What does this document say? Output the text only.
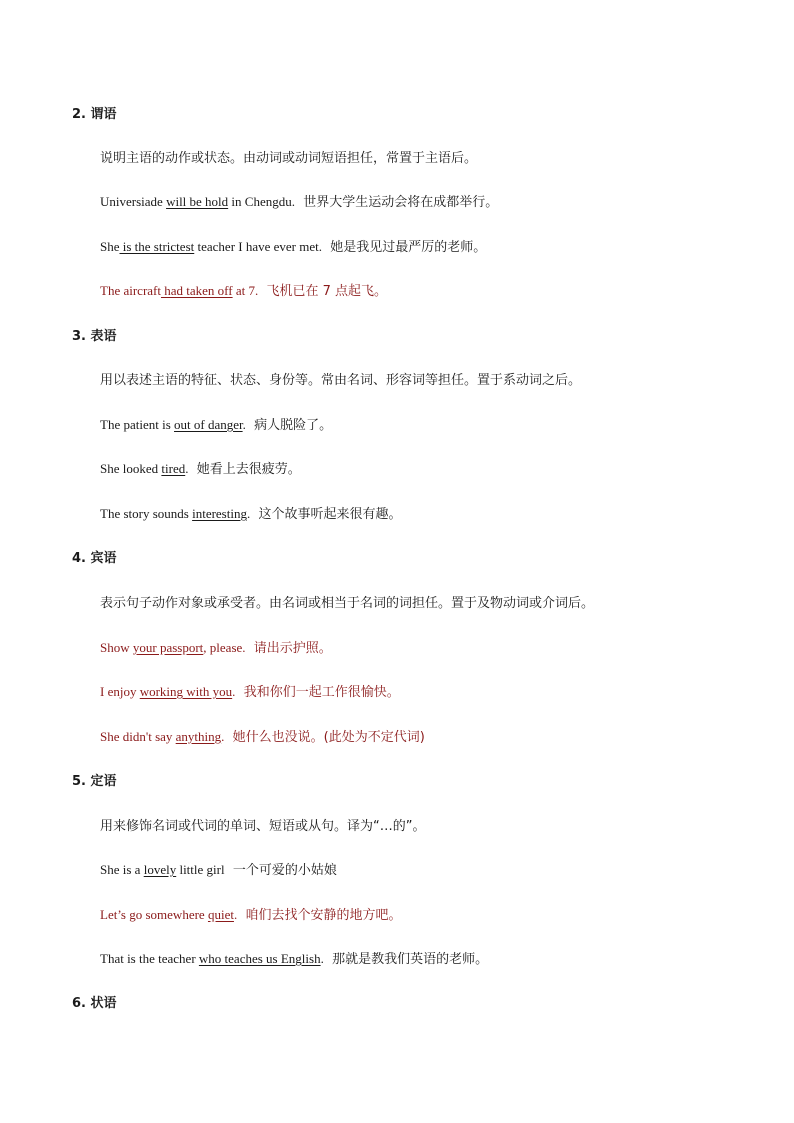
2. 谓语
说明主语的动作或状态。由动词或动词短语担任，常置于主语后。
Universiade will be hold in Chengdu. 世界大学生运动会将在成都举行。
She is the strictest teacher I have ever met. 她是我见过最严厉的老师。
The aircraft had taken off at 7. 飞机已在 7 点起飞。
3. 表语
用以表述主语的特征、状态、身份等。常由名词、形容词等担任。置于系动词之后。
The patient is out of danger. 病人脱险了。
She looked tired. 她看上去很疲劳。
The story sounds interesting. 这个故事听起来很有趣。
4. 宾语
表示句子动作对象或承受者。由名词或相当于名词的词担任。置于及物动词或介词后。
Show your passport, please. 请出示护照。
I enjoy working with you. 我和你们一起工作很愉快。
She didn't say anything. 她什么也没说。(此处为不定代词)
5. 定语
用来修饰名词或代词的单词、短语或从句。译为“…的”。
She is a lovely little girl 一个可爱的小姑娘
Let’s go somewhere quiet. 咱们去找个安静的地方吧。
That is the teacher who teaches us English. 那就是教我们英语的老师。
6. 状语
